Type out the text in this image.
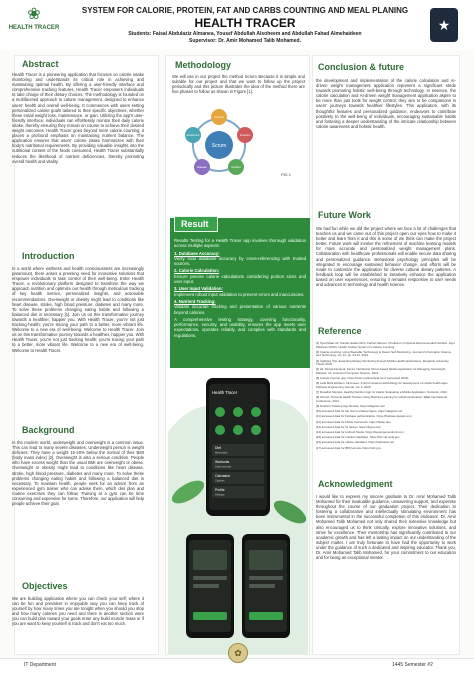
❀
HEALTH TRACER
SYSTEM FOR CALORIE, PROTEIN, FAT AND CARBS COUNTING AND MEAL PLANING
HEALTH TRACER
Students: Faisal Abdulaziz Almanea, Yousef Abdullah Alsoheem and Abdullah Fahad Almehaideen
Supervisor: Dr. Amir Mohamed Talib Mohamed.
★
Abstract

Health Tracer is a pioneering application that focuses on calorie intake monitoring and understands its critical role in achieving and maintaining optimal health. By offering a user-friendly interface and comprehensive tracking features, Health Tracer empowers individuals to take charge of their dietary choices. The methodology is founded on a multifaceted approach to calorie management, designed to enhance users' health and overall well-being. It commences with users setting personalized calorie goals tailored to their specific objectives, whether these entail weight loss, maintenance, or gain. Utilizing the app's user-friendly interface, individuals can effortlessly monitor their daily calorie intake, thereby ensuring they remain on course to achieve their desired weight outcomes. Health Tracer goes beyond mere calorie counting; it places a profound emphasis on maintaining nutrient balance. The application ensures that users' calorie intake harmonizes with their body's nutritional requirements. By providing valuable insights into the nutritional content of the foods consumed, Health Tracer substantially reduces the likelihood of nutrient deficiencies, thereby promoting overall health and vitality.

Introduction

In a world where wellness and health consciousness are increasingly paramount, there arises a pressing need for innovative solutions that empower individuals to take control of their well-being. Enter Health Tracer, a revolutionary platform designed to transform the way we approach nutrition and optimize our health through meticulous tracking of key health metrics, personalized insights, and actionable recommendations. Overweight or obesity might lead to conditions like heart disease, stroke, high blood pressure, diabetes and many more. To solve these problems changing eating habits and following a balanced diet is necessary [1]. Join us on this transformative journey towards a healthier, happier you. With Health Tracer, you're not just tracking health; you're tracing your path to a better, more vibrant life. Welcome to a new era of well-being. Welcome to Health Tracer. Join us on this transformative journey towards a healthier, happier you. With Health Tracer, you're not just tracking health; you're tracing your path to a better, more vibrant life. Welcome to a new era of well-being. Welcome to Health Tracer.

Background

In the modern world, underweight and overweight is a common issue. This can lead to many severe diseases. Underweight person is weight deficient. They have a weight 15-20% below the normal of their BMI (body mass index) [2]. Overweight is also a serious condition. People who have excess weight than the usual BMI are overweight or obese. Overweight or obesity might lead to conditions like heart disease, stroke, high blood pressure, diabetes and many more. To solve these problems changing eating habits and following a balanced diet is necessary. To maintain health, people seek for an advice from an experienced gym trainer who can advise them, which diet plan and routine exercises they can follow. Training at a gym can be time consuming and expensive for some. Therefore, our application will help people achieve their goal.

Objectives

We are building application where you can check your self, where it can be fun and prevalent in enjoyable way you can keep track of yourself by how many times you ate tonight when you should you stop and how many calories you need and there is another section were you can build plan toward your goals enter any build muscle mass or if you are want to keep yourself in track and don't eat too much.

Methodology

We will use in our project the method Scrum Because it is simple and suitable for our project and that we want to follow up the project periodically and this picture illustrates the idea of the method there are five phases to follow as shown in Figure [1].

Scrum
Concept
Inception
Iteration
Release
Retirement
FIG 1
Result

Results Testing for a Health Tracer app involves thorough validation across multiple aspects:

1. Database Accuracy:

Verify food database accuracy by cross-referencing with trusted sources.

2. Calorie Calculation:

Ensure precise calorie calculations considering portion sizes and user input.

3. User Input Validation:

Implement robust input validation to prevent errors and inaccuracies.

4. Nutrient Tracking:

Validate accurate tracking and presentation of various nutrients beyond calories.

A comprehensive testing strategy, covering functionality, performance, security, and usability, ensures the app meets user expectations, operates reliably, and complies with standards and regulations.

Health Tracer
Diet
Meal plans
Workouts
Daily exercise
Calculator
Calories
Profile
Settings
Conclusion & future

the development and implementation of the calorie calculation and AI-driven weight management application represent a significant stride towards promoting holistic well-being through technology. In essence, the calorie calculation and AI-driven weight management application aspire to be more than just tools for weight control; they aim to be companions in users' journeys towards healthier lifestyles. This application, with its thoughtful features and personalized guidance, endeavors to contribute positively to the well-being of individuals, encouraging sustainable habits and fostering a deeper understanding of the intricate relationship between calorie awareness and holistic health.

Future Work

We had fun while we did the project where we face a lot of challenges that teaches us and we came out of this project open our eyes how to make it better and learn from it and this is some of we think can make the project better. Future work will involve the refinement of machine learning models for more accurate and personalized weight management plans. Collaboration with healthcare professionals will enable secure data sharing and personalized guidance. Behavioral psychology principles will be integrated to encourage sustained behavior change, and efforts will be made to customize the application for diverse cultural dietary patterns. A feedback loop will be established to iteratively enhance the application based on user experiences, ensuring it remains responsive to user needs and advances in technology and health science.

Reference

[1] Syed Maaz Ali, Sundar Haider Rizvi, Farhan Memon. Prediction of Optimal Recommended Nutrition. Appl Wellness (2020). Health Tracker System for Calorie Counting.

[2] Calorie counting: using Wearable Technology to Detect Self-Monitoring. Journal of Information Science and Technology, vol. 12, pp. 23-31, 2019.

[3] Ingibjörg Ósk. Extending Dietary Monitoring through Mobile Health Applications. Reykjavik University, Thesis 2018.

[4] Ali, Parisa Kamandi, Sanaz. Nutritionist Scrum-based Mobile Application for Managing Overweight Patients. Int. Journal of Computer Science, 2021.

[5] Calorie Counter app. https://www.myfitnesspal.com/ (accessed 2023).

[6] Leila Mohi El-Deen, Ali-Ameen. A Scrum-based methodology for development of mobile health apps. Software Engineering Journal, vol. 4, 2020.

[7] Rosalind Mendes. Healthy Nutrition App for Adults: Evaluating a Mobile Application. Nutrients, 2022.

[8] Ahmed. Personal Health Tracker Using Machine Learning for Calorie Estimation. IEEE International Conference, 2021.

[9] Nutrition Tracking App Review. https://diagram.net/

[10] accessed data for the Scrum phases figure. https://diagram.net

[11] accessed data for Firebase authentication. https://firebase.google.com

[12] accessed data for Flutter framework. https://flutter.dev

[13] accessed data for UI design. https://figma.com

[14] accessed data for Android Studio. https://developer.android.com

[15] accessed data for nutrition database. https://fdc.nal.usda.gov

[16] accessed data for calorie calculator. https://calculator.net

[17] accessed data for BMI formula. https://cdc.gov

Acknowledgment

I would like to express my sincere gratitude to Dr. Amir Mohamed Talib Mohamed for their invaluable guidance, unwavering support, and expertise throughout the course of our graduation project. Their dedication to fostering a collaborative and intellectually stimulating environment has been instrumental in the successful completion of this endeavor. Dr. Amir Mohamed Talib Mohamed not only shared their extensive knowledge but also encouraged us to think critically, explore innovative solutions, and strive for excellence. Their mentorship has significantly contributed to our academic growth and has left a lasting impact on our understanding of the subject matter. I am truly fortunate to have had the opportunity to work under the guidance of such a dedicated and inspiring educator. Thank you, Dr. Amir Mohamed Talib Mohamed, for your commitment to our education and for being an exceptional mentor.

IT Department	1445 Semester #2
✿
